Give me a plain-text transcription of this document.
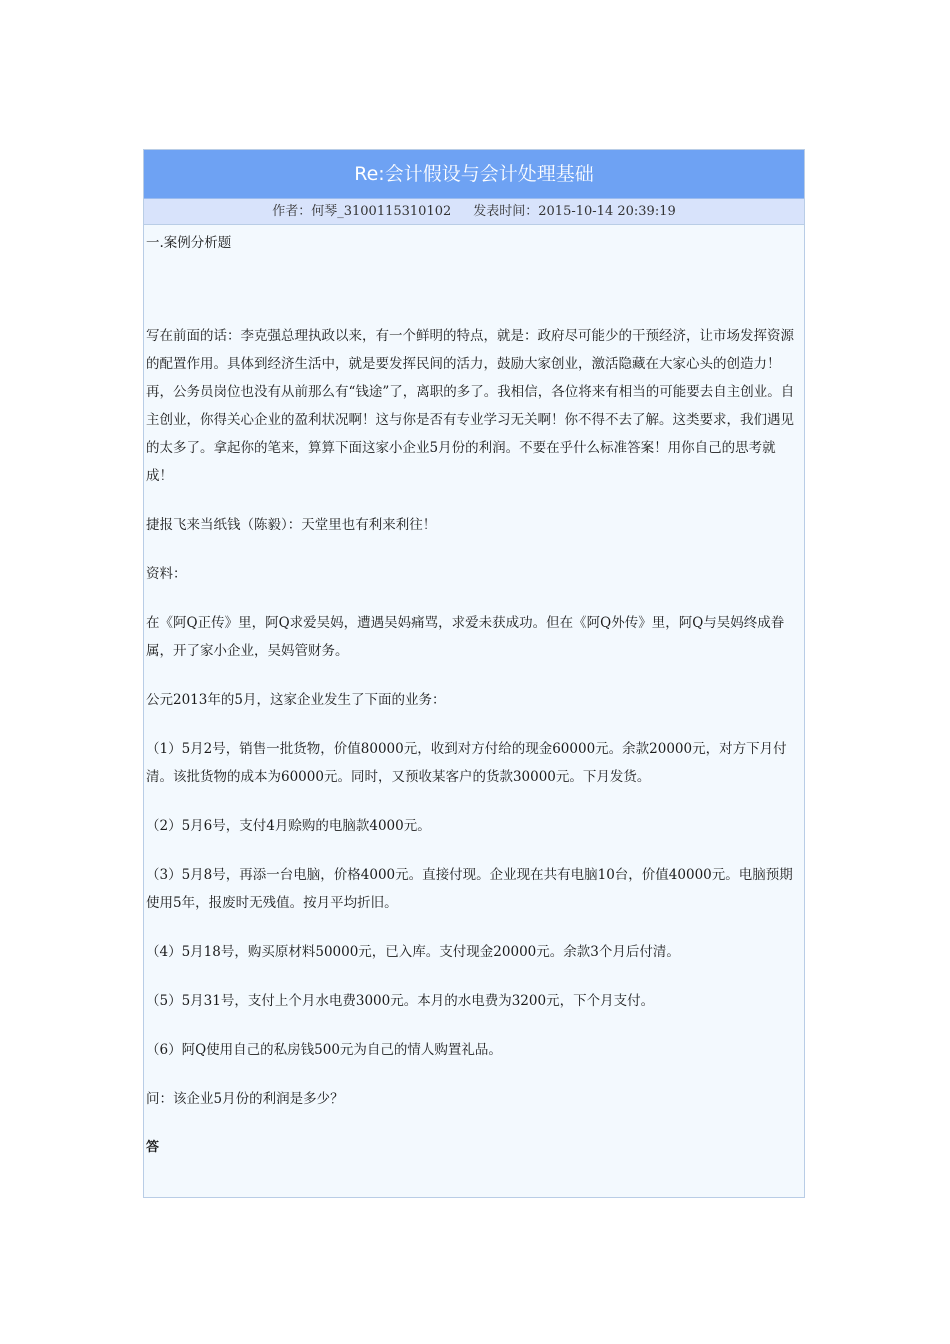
Re:会计假设与会计处理基础
作者：何琴_3100115310102 发表时间：2015-10-14 20:39:19

一.案例分析题

写在前面的话：李克强总理执政以来，有一个鲜明的特点，就是：政府尽可能少的干预经济，让市场发挥资源的配置作用。具体到经济生活中，就是要发挥民间的活力，鼓励大家创业，激活隐藏在大家心头的创造力！再，公务员岗位也没有从前那么有“钱途”了，离职的多了。我相信，各位将来有相当的可能要去自主创业。自主创业，你得关心企业的盈利状况啊！这与你是否有专业学习无关啊！你不得不去了解。这类要求，我们遇见的太多了。拿起你的笔来，算算下面这家小企业5月份的利润。不要在乎什么标准答案！用你自己的思考就成！

捷报飞来当纸钱（陈毅）：天堂里也有利来利往！

资料：

在《阿Q正传》里，阿Q求爱吴妈，遭遇吴妈痛骂，求爱未获成功。但在《阿Q外传》里，阿Q与吴妈终成眷属，开了家小企业，吴妈管财务。

公元2013年的5月，这家企业发生了下面的业务：

（1）5月2号，销售一批货物，价值80000元，收到对方付给的现金60000元。余款20000元，对方下月付清。该批货物的成本为60000元。同时，又预收某客户的货款30000元。下月发货。

（2）5月6号，支付4月赊购的电脑款4000元。

（3）5月8号，再添一台电脑，价格4000元。直接付现。企业现在共有电脑10台，价值40000元。电脑预期使用5年，报废时无残值。按月平均折旧。

（4）5月18号，购买原材料50000元，已入库。支付现金20000元。余款3个月后付清。

（5）5月31号，支付上个月水电费3000元。本月的水电费为3200元，下个月支付。

（6）阿Q使用自己的私房钱500元为自己的情人购置礼品。

问：该企业5月份的利润是多少？

答
